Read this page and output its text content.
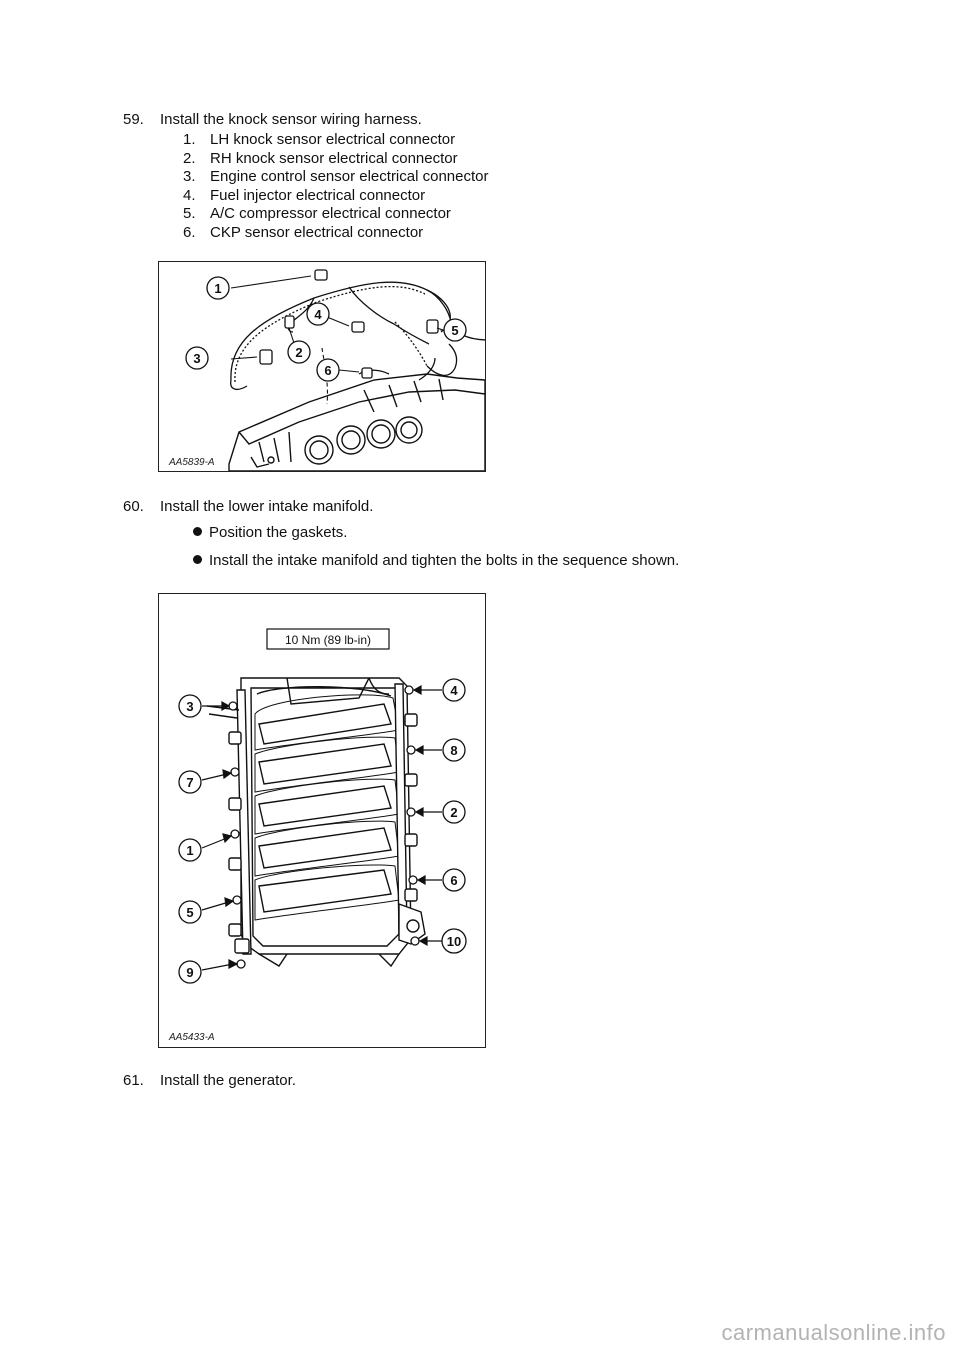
59. Install the knock sensor wiring harness.
1. LH knock sensor electrical connector
2. RH knock sensor electrical connector
3. Engine control sensor electrical connector
4. Fuel injector electrical connector
5. A/C compressor electrical connector
6. CKP sensor electrical connector
1
2
3
4
5
6
AA5839-A
60. Install the lower intake manifold.
Position the gaskets.
Install the intake manifold and tighten the bolts in the sequence shown.
10 Nm (89 lb-in)
3
7
1
5
9
4
8
2
6
10
AA5433-A
61. Install the generator.
carmanualsonline.info
